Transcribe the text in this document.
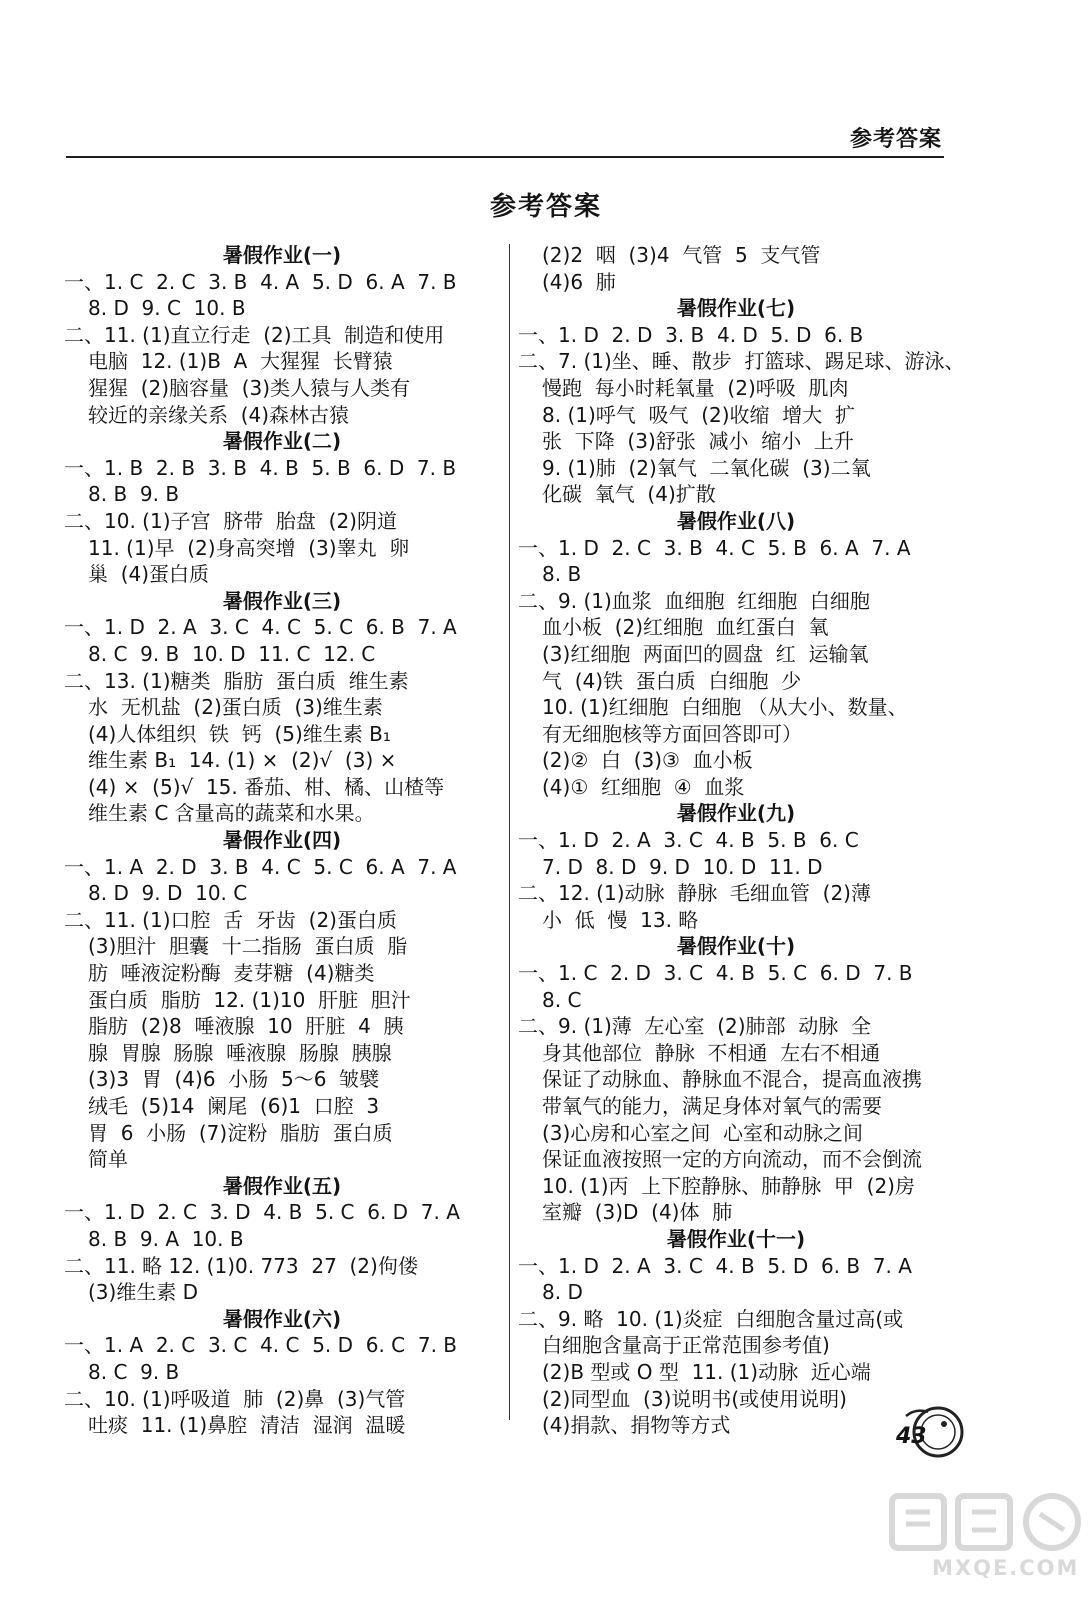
参考答案
参考答案
暑假作业(一)
一、1. C  2. C  3. B  4. A  5. D  6. A  7. B
8. D  9. C  10. B
二、11. (1)直立行走  (2)工具  制造和使用
电脑  12. (1)B  A  大猩猩  长臂猿
猩猩  (2)脑容量  (3)类人猿与人类有
较近的亲缘关系  (4)森林古猿
暑假作业(二)
一、1. B  2. B  3. B  4. B  5. B  6. D  7. B
8. B  9. B
二、10. (1)子宫  脐带  胎盘  (2)阴道
11. (1)早  (2)身高突增  (3)睾丸  卵
巢  (4)蛋白质
暑假作业(三)
一、1. D  2. A  3. C  4. C  5. C  6. B  7. A
8. C  9. B  10. D  11. C  12. C
二、13. (1)糖类  脂肪  蛋白质  维生素
水  无机盐  (2)蛋白质  (3)维生素
(4)人体组织  铁  钙  (5)维生素 B₁
维生素 B₁  14. (1) ×  (2)√  (3) ×
(4) ×  (5)√  15. 番茄、柑、橘、山楂等
维生素 C 含量高的蔬菜和水果。
暑假作业(四)
一、1. A  2. D  3. B  4. C  5. C  6. A  7. A
8. D  9. D  10. C
二、11. (1)口腔  舌  牙齿  (2)蛋白质
(3)胆汁  胆囊  十二指肠  蛋白质  脂
肪  唾液淀粉酶  麦芽糖  (4)糖类
蛋白质  脂肪  12. (1)10  肝脏  胆汁
脂肪  (2)8  唾液腺  10  肝脏  4  胰
腺  胃腺  肠腺  唾液腺  肠腺  胰腺
(3)3  胃  (4)6  小肠  5～6  皱襞
绒毛  (5)14  阑尾  (6)1  口腔  3
胃  6  小肠  (7)淀粉  脂肪  蛋白质
简单
暑假作业(五)
一、1. D  2. C  3. D  4. B  5. C  6. D  7. A
8. B  9. A  10. B
二、11. 略 12. (1)0. 773  27  (2)佝偻
(3)维生素 D
暑假作业(六)
一、1. A  2. C  3. C  4. C  5. D  6. C  7. B
8. C  9. B
二、10. (1)呼吸道  肺  (2)鼻  (3)气管
吐痰  11. (1)鼻腔  清洁  湿润  温暖
(2)2  咽  (3)4  气管  5  支气管
(4)6  肺
暑假作业(七)
一、1. D  2. D  3. B  4. D  5. D  6. B
二、7. (1)坐、睡、散步  打篮球、踢足球、游泳、
慢跑  每小时耗氧量  (2)呼吸  肌肉
8. (1)呼气  吸气  (2)收缩  增大  扩
张  下降  (3)舒张  减小  缩小  上升
9. (1)肺  (2)氧气  二氧化碳  (3)二氧
化碳  氧气  (4)扩散
暑假作业(八)
一、1. D  2. C  3. B  4. C  5. B  6. A  7. A
8. B
二、9. (1)血浆  血细胞  红细胞  白细胞
血小板  (2)红细胞  血红蛋白  氧
(3)红细胞  两面凹的圆盘  红  运输氧
气  (4)铁  蛋白质  白细胞  少
10. (1)红细胞  白细胞 （从大小、数量、
有无细胞核等方面回答即可）
(2)②  白  (3)③  血小板
(4)①  红细胞  ④  血浆
暑假作业(九)
一、1. D  2. A  3. C  4. B  5. B  6. C
7. D  8. D  9. D  10. D  11. D
二、12. (1)动脉  静脉  毛细血管  (2)薄
小  低  慢  13. 略
暑假作业(十)
一、1. C  2. D  3. C  4. B  5. C  6. D  7. B
8. C
二、9. (1)薄  左心室  (2)肺部  动脉  全
身其他部位  静脉  不相通  左右不相通
保证了动脉血、静脉血不混合，提高血液携
带氧气的能力，满足身体对氧气的需要
(3)心房和心室之间  心室和动脉之间
保证血液按照一定的方向流动，而不会倒流
10. (1)丙  上下腔静脉、肺静脉  甲  (2)房
室瓣  (3)D  (4)体  肺
暑假作业(十一)
一、1. D  2. A  3. C  4. B  5. D  6. B  7. A
8. D
二、9. 略  10. (1)炎症  白细胞含量过高(或
白细胞含量高于正常范围参考值)
(2)B 型或 O 型  11. (1)动脉  近心端
(2)同型血  (3)说明书(或使用说明)
(4)捐款、捐物等方式	43
MXQE.COM
